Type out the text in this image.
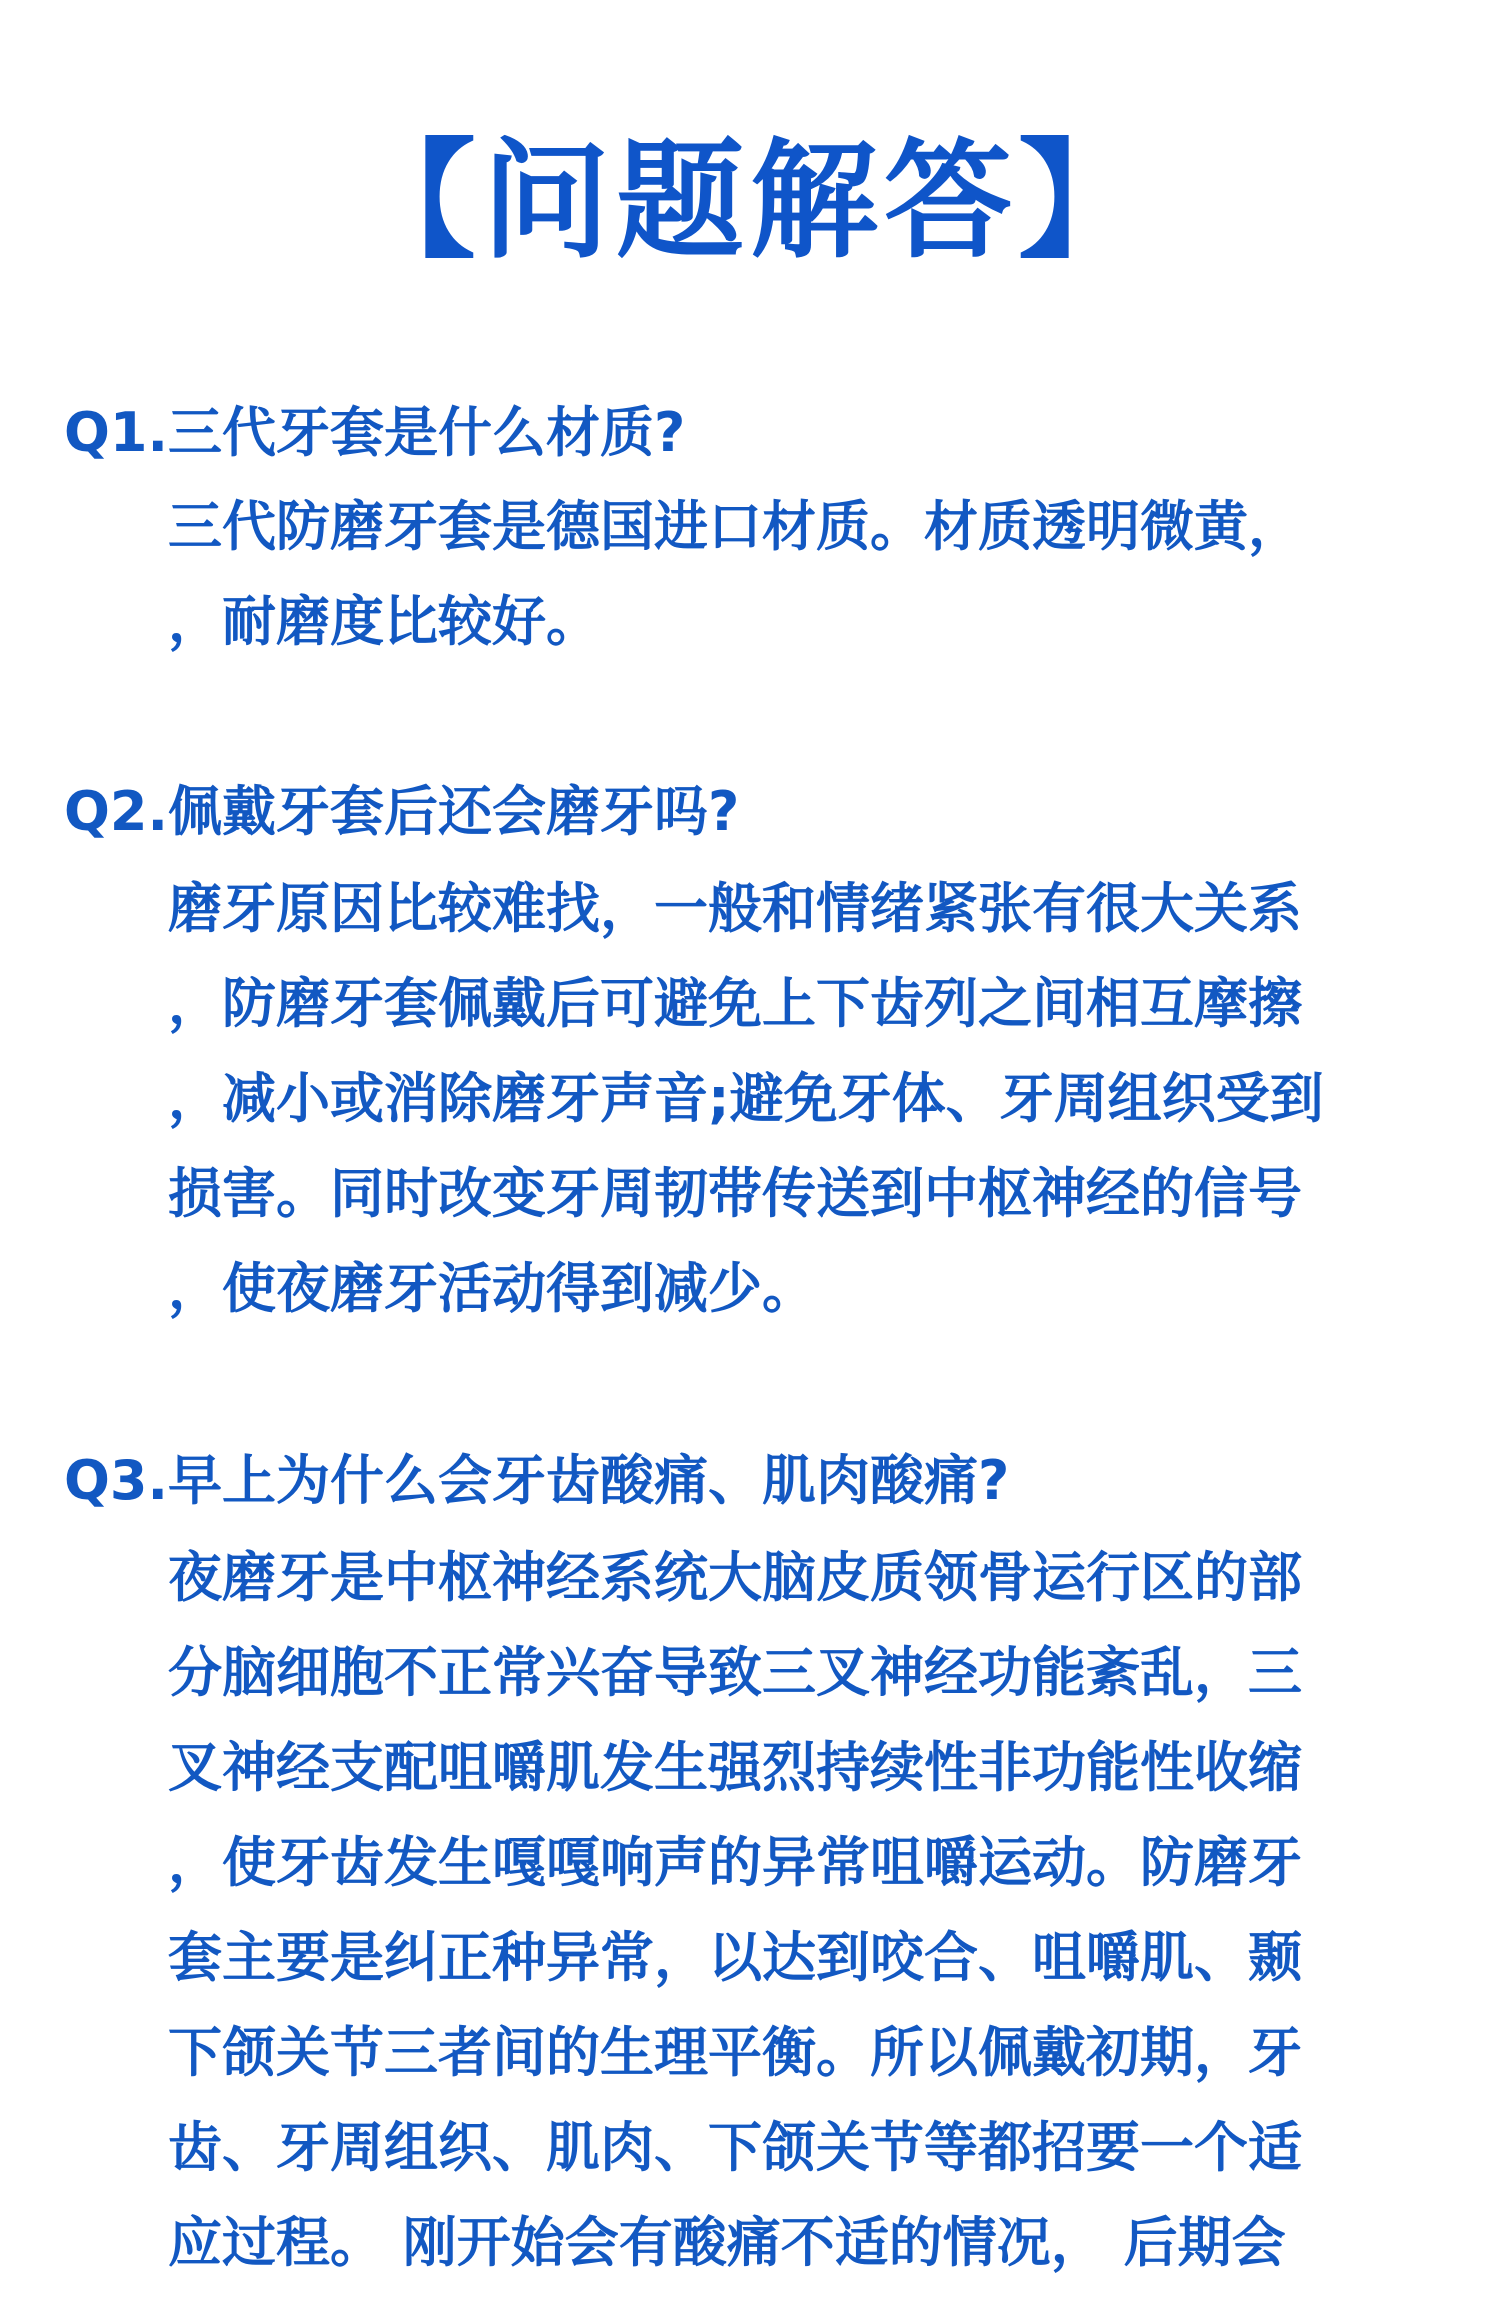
【问题解答】
Q1.三代牙套是什么材质?
三代防磨牙套是德国进口材质。材质透明微黄，
，耐磨度比较好。
Q2.佩戴牙套后还会磨牙吗?
磨牙原因比较难找，一般和情绪紧张有很大关系
，防磨牙套佩戴后可避免上下齿列之间相互摩擦
，减小或消除磨牙声音;避免牙体、牙周组织受到
损害。同时改变牙周韧带传送到中枢神经的信号
，使夜磨牙活动得到减少。
Q3.早上为什么会牙齿酸痛、肌肉酸痛?
夜磨牙是中枢神经系统大脑皮质领骨运行区的部
分脑细胞不正常兴奋导致三叉神经功能紊乱，三
叉神经支配咀嚼肌发生强烈持续性非功能性收缩
，使牙齿发生嘎嘎响声的异常咀嚼运动。防磨牙
套主要是纠正种异常，以达到咬合、咀嚼肌、颞
下颌关节三者间的生理平衡。所以佩戴初期，牙
齿、牙周组织、肌肉、下颌关节等都招要一个适
应过程。 刚开始会有酸痛不适的情况， 后期会
